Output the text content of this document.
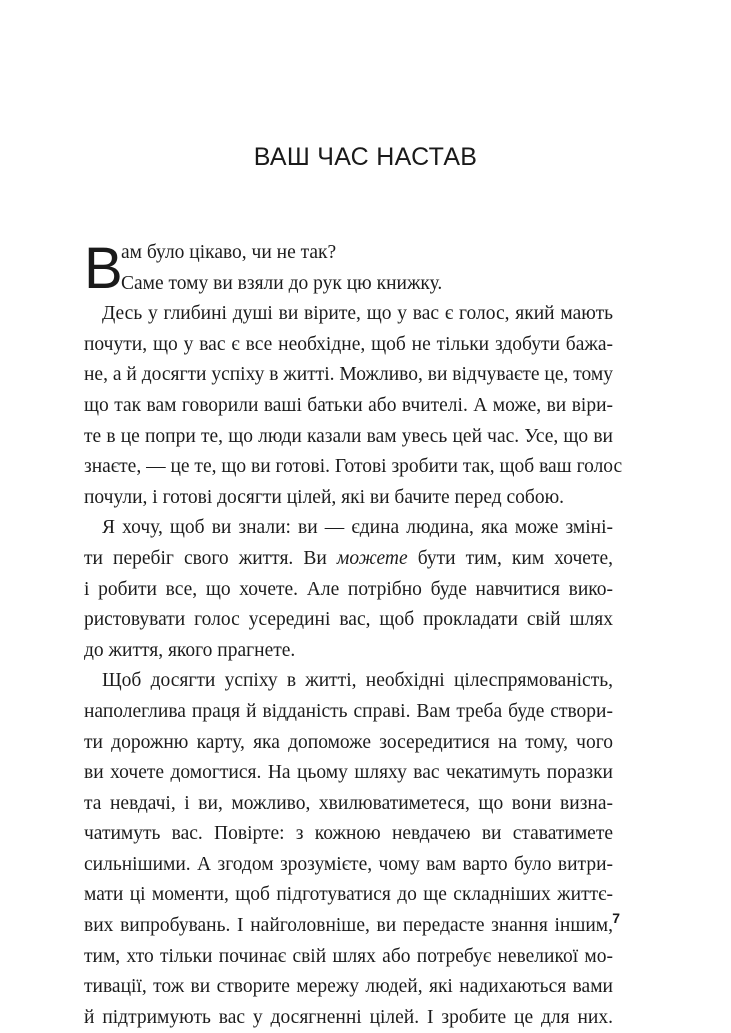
ВАШ ЧАС НАСТАВ
В
ам було цікаво, чи не так?
Саме тому ви взяли до рук цю книжку.
Десь у глибині душі ви вірите, що у вас є голос, який мають
почути, що у вас є все необхідне, щоб не тільки здобути бажа-
не, а й досягти успіху в житті. Можливо, ви відчуваєте це, тому
що так вам говорили ваші батьки або вчителі. А може, ви віри-
те в це попри те, що люди казали вам увесь цей час. Усе, що ви
знаєте, — це те, що ви готові. Готові зробити так, щоб ваш голос
почули, і готові досягти цілей, які ви бачите перед собою.
Я хочу, щоб ви знали: ви — єдина людина, яка може зміні-
ти перебіг свого життя. Ви можете бути тим, ким хочете,
і робити все, що хочете. Але потрібно буде навчитися вико-
ристовувати голос усередині вас, щоб прокладати свій шлях
до життя, якого прагнете.
Щоб досягти успіху в житті, необхідні цілеспрямованість,
наполеглива праця й відданість справі. Вам треба буде створи-
ти дорожню карту, яка допоможе зосередитися на тому, чого
ви хочете домогтися. На цьому шляху вас чекатимуть поразки
та невдачі, і ви, можливо, хвилюватиметеся, що вони визна-
чатимуть вас. Повірте: з кожною невдачею ви ставатимете
сильнішими. А згодом зрозумієте, чому вам варто було витри-
мати ці моменти, щоб підготуватися до ще складніших життє-
вих випробувань. І найголовніше, ви передасте знання іншим,
тим, хто тільки починає свій шлях або потребує невеликої мо-
тивації, тож ви створите мережу людей, які надихаються вами
й підтримують вас у досягненні цілей. І зробите це для них.
7
